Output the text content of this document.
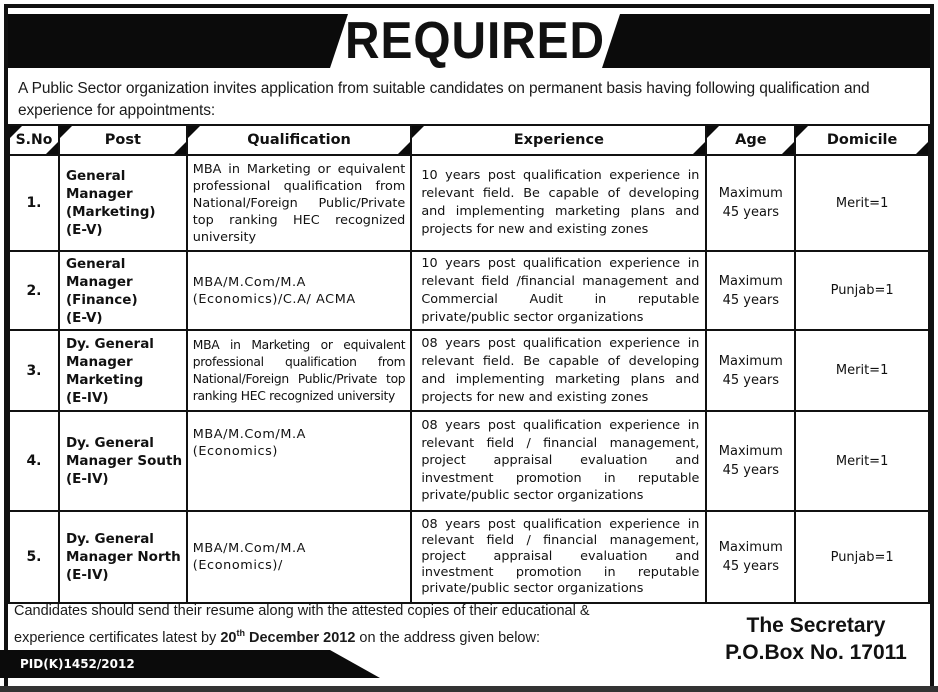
REQUIRED

A Public Sector organization invites application from suitable candidates on permanent basis having following qualification and experience for appointments:

S.No	Post	Qualification	Experience	Age	Domicile

1.	General
Manager
(Marketing)
(E-V)	MBA in Marketing or equivalent professional qualification from National/Foreign Public/Private top ranking HEC recognized university	10 years post qualification experience in relevant field. Be capable of developing and implementing marketing plans and projects for new and existing zones	Maximum
45 years	Merit=1
2.	General
Manager
(Finance)
(E-V)	MBA/M.Com/M.A
(Economics)/C.A/ ACMA	10 years post qualification experience in relevant field /financial management and Commercial Audit in reputable private/public sector organizations	Maximum
45 years	Punjab=1
3.	Dy. General
Manager
Marketing
(E-IV)	MBA in Marketing or equivalent professional qualification from National/Foreign Public/Private top ranking HEC recognized university	08 years post qualification experience in relevant field. Be capable of developing and implementing marketing plans and projects for new and existing zones	Maximum
45 years	Merit=1
4.	Dy. General
Manager South
(E-IV)	MBA/M.Com/M.A
(Economics)	08 years post qualification experience in relevant field / financial management, project appraisal evaluation and investment promotion in reputable private/public sector organizations	Maximum
45 years	Merit=1
5.	Dy. General
Manager North
(E-IV)	MBA/M.Com/M.A
(Economics)/	08 years post qualification experience in relevant field / financial management, project appraisal evaluation and investment promotion in reputable private/public sector organizations	Maximum
45 years	Punjab=1
Candidates should send their resume along with the attested copies of their educational &
experience certificates latest by 20th December 2012 on the address given below:
The Secretary
P.O.Box No. 17011
PID(K)1452/2012
